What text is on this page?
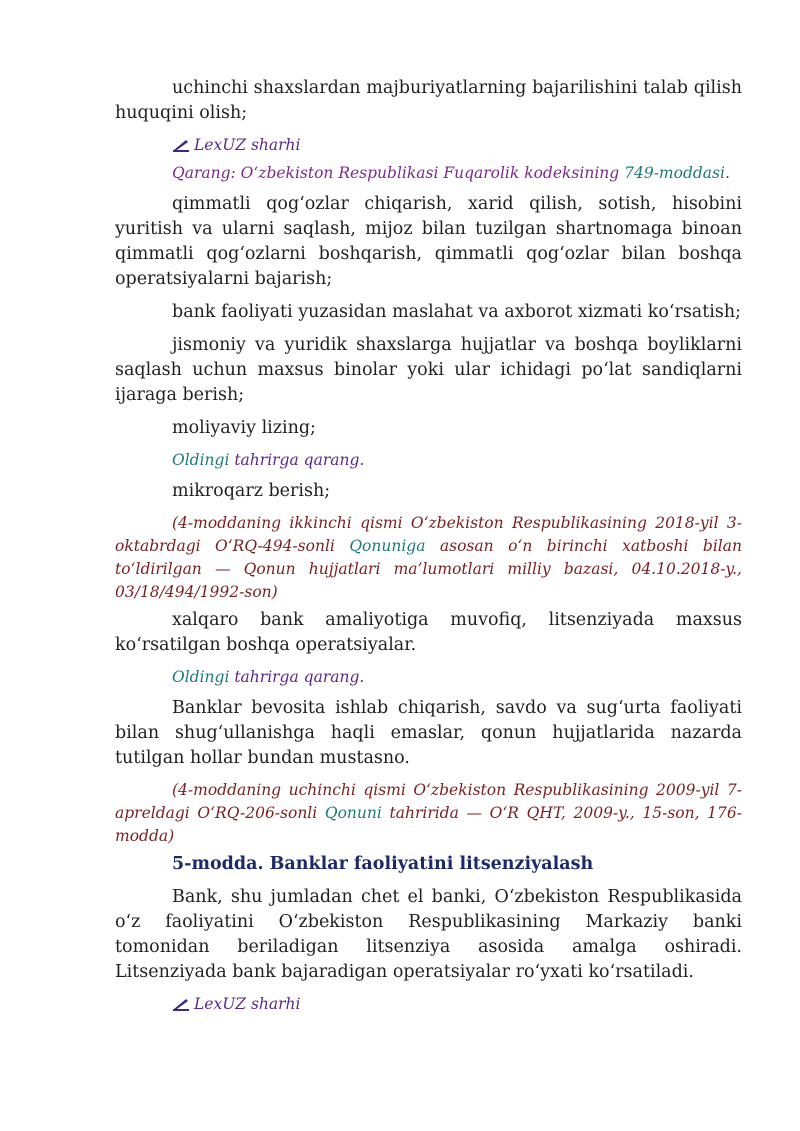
uchinchi shaxslardan majburiyatlarning bajarilishini talab qilish huquqini olish;

LexUZ sharhi
Qarang: O‘zbekiston Respublikasi Fuqarolik kodeksining 749-moddasi.

qimmatli qog‘ozlar chiqarish, xarid qilish, sotish, hisobini yuritish va ularni saqlash, mijoz bilan tuzilgan shartnomaga binoan qimmatli qog‘ozlarni boshqarish, qimmatli qog‘ozlar bilan boshqa operatsiyalarni bajarish;

bank faoliyati yuzasidan maslahat va axborot xizmati ko‘rsatish;

jismoniy va yuridik shaxslarga hujjatlar va boshqa boyliklarni saqlash uchun maxsus binolar yoki ular ichidagi po‘lat sandiqlarni ijaraga berish;

moliyaviy lizing;

Oldingi tahrirga qarang.

mikroqarz berish;

(4-moddaning ikkinchi qismi O‘zbekiston Respublikasining 2018-yil 3-oktabrdagi O‘RQ-494-sonli Qonuniga asosan o‘n birinchi xatboshi bilan to‘ldirilgan — Qonun hujjatlari ma’lumotlari milliy bazasi, 04.10.2018-y., 03/18/494/1992-son)

xalqaro bank amaliyotiga muvofiq, litsenziyada maxsus ko‘rsatilgan boshqa operatsiyalar.

Oldingi tahrirga qarang.

Banklar bevosita ishlab chiqarish, savdo va sug‘urta faoliyati bilan shug‘ullanishga haqli emaslar, qonun hujjatlarida nazarda tutilgan hollar bundan mustasno.

(4-moddaning uchinchi qismi O‘zbekiston Respublikasining 2009-yil 7-apreldagi O‘RQ-206-sonli Qonuni tahririda — O‘R QHT, 2009-y., 15-son, 176-modda)

5-modda. Banklar faoliyatini litsenziyalash

Bank, shu jumladan chet el banki, O‘zbekiston Respublikasida o‘z faoliyatini O‘zbekiston Respublikasining Markaziy banki tomonidan beriladigan litsenziya asosida amalga oshiradi. Litsenziyada bank bajaradigan operatsiyalar ro‘yxati ko‘rsatiladi.

LexUZ sharhi
